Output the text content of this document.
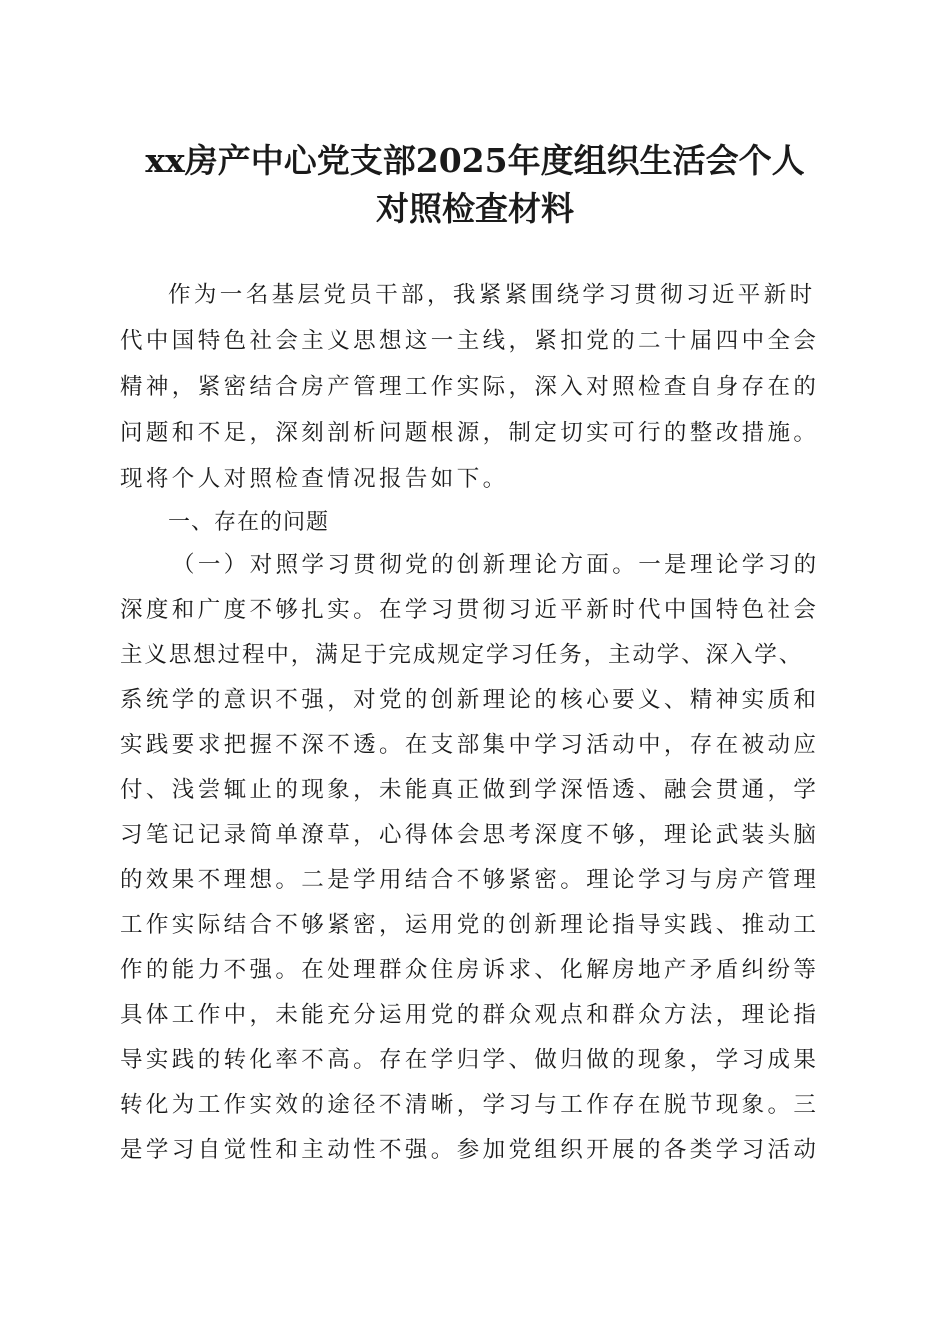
xx房产中心党支部2025年度组织生活会个人
对照检查材料
作为一名基层党员干部，我紧紧围绕学习贯彻习近平新时
代中国特色社会主义思想这一主线，紧扣党的二十届四中全会
精神，紧密结合房产管理工作实际，深入对照检查自身存在的
问题和不足，深刻剖析问题根源，制定切实可行的整改措施。
现将个人对照检查情况报告如下。
一、存在的问题
（一）对照学习贯彻党的创新理论方面。一是理论学习的
深度和广度不够扎实。在学习贯彻习近平新时代中国特色社会
主义思想过程中，满足于完成规定学习任务，主动学、深入学、
系统学的意识不强，对党的创新理论的核心要义、精神实质和
实践要求把握不深不透。在支部集中学习活动中，存在被动应
付、浅尝辄止的现象，未能真正做到学深悟透、融会贯通，学
习笔记记录简单潦草，心得体会思考深度不够，理论武装头脑
的效果不理想。二是学用结合不够紧密。理论学习与房产管理
工作实际结合不够紧密，运用党的创新理论指导实践、推动工
作的能力不强。在处理群众住房诉求、化解房地产矛盾纠纷等
具体工作中，未能充分运用党的群众观点和群众方法，理论指
导实践的转化率不高。存在学归学、做归做的现象，学习成果
转化为工作实效的途径不清晰，学习与工作存在脱节现象。三
是学习自觉性和主动性不强。参加党组织开展的各类学习活动
